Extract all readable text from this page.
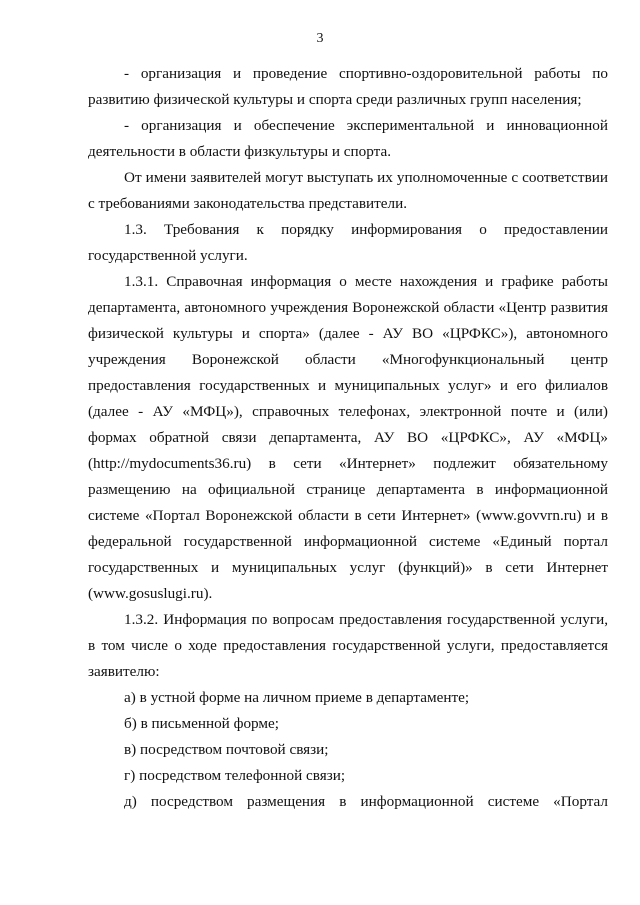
3

- организация и проведение спортивно-оздоровительной работы по развитию физической культуры и спорта среди различных групп населения;

- организация и обеспечение экспериментальной и инновационной деятельности в области физкультуры и спорта.

От имени заявителей могут выступать их уполномоченные с соответствии с требованиями законодательства представители.

1.3. Требования к порядку информирования о предоставлении государственной услуги.

1.3.1. Справочная информация о месте нахождения и графике работы департамента, автономного учреждения Воронежской области «Центр развития физической культуры и спорта» (далее - АУ ВО «ЦРФКС»), автономного учреждения Воронежской области «Многофункциональный центр предоставления государственных и муниципальных услуг» и его филиалов (далее - АУ «МФЦ»), справочных телефонах, электронной почте и (или) формах обратной связи департамента, АУ ВО «ЦРФКС», АУ «МФЦ» (http://mydocuments36.ru) в сети «Интернет» подлежит обязательному размещению на официальной странице департамента в информационной системе «Портал Воронежской области в сети Интернет» (www.govvrn.ru) и в федеральной государственной информационной системе «Единый портал государственных и муниципальных услуг (функций)» в сети Интернет (www.gosuslugi.ru).

1.3.2. Информация по вопросам предоставления государственной услуги, в том числе о ходе предоставления государственной услуги, предоставляется заявителю:

а) в устной форме на личном приеме в департаменте;

б) в письменной форме;

в) посредством почтовой связи;

г) посредством телефонной связи;

д) посредством размещения в информационной системе «Портал
